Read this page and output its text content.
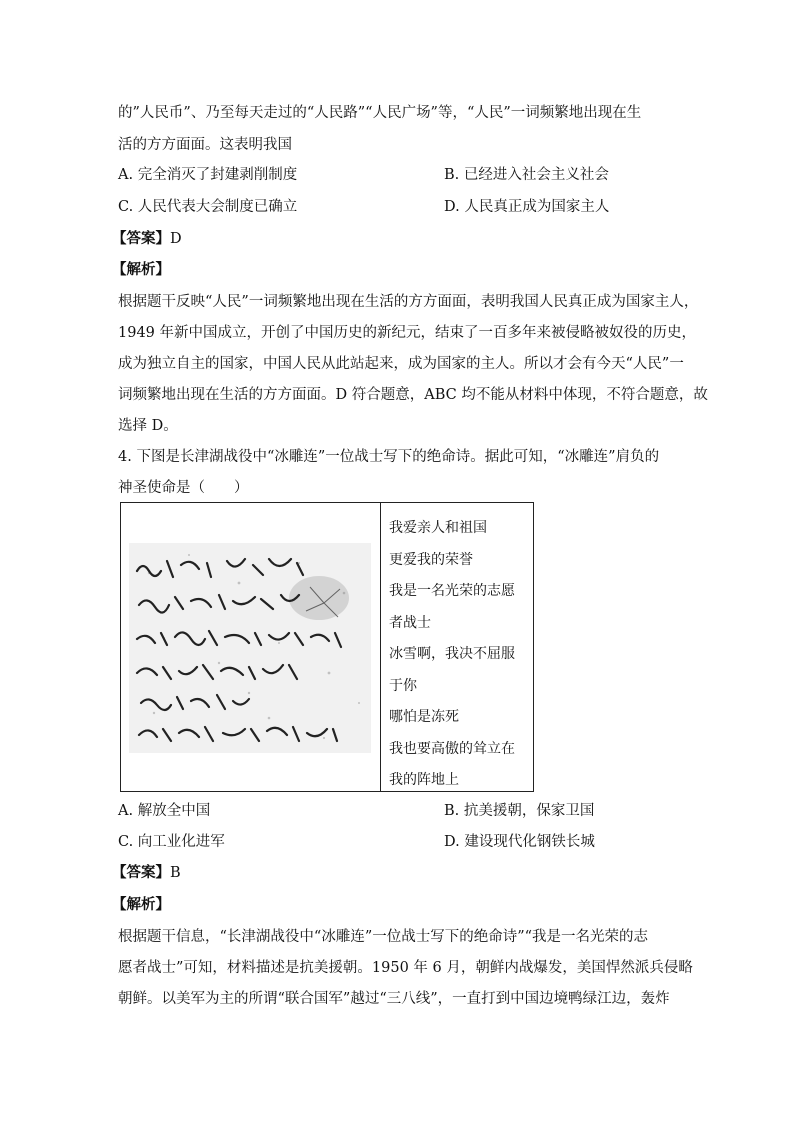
的”人民币”、乃至每天走过的“人民路”“人民广场”等，“人民”一词频繁地出现在生
活的方方面面。这表明我国
A. 完全消灭了封建剥削制度	B. 已经进入社会主义社会
C. 人民代表大会制度已确立	D. 人民真正成为国家主人
【答案】D
【解析】
根据题干反映“人民”一词频繁地出现在生活的方方面面，表明我国人民真正成为国家主人，
1949 年新中国成立，开创了中国历史的新纪元，结束了一百多年来被侵略被奴役的历史，
成为独立自主的国家，中国人民从此站起来，成为国家的主人。所以才会有今天“人民”一
词频繁地出现在生活的方方面面。D 符合题意，ABC 均不能从材料中体现，不符合题意，故
选择 D。
4. 下图是长津湖战役中“冰雕连”一位战士写下的绝命诗。据此可知，“冰雕连”肩负的
神圣使命是（　　）
我爱亲人和祖国
更爱我的荣誉
我是一名光荣的志愿
者战士
冰雪啊，我决不屈服
于你
哪怕是冻死
我也要高傲的耸立在
我的阵地上
A. 解放全中国	B. 抗美援朝，保家卫国
C. 向工业化进军	D. 建设现代化钢铁长城
【答案】B
【解析】
根据题干信息，“长津湖战役中“冰雕连”一位战士写下的绝命诗”“我是一名光荣的志
愿者战士”可知，材料描述是抗美援朝。1950 年 6 月，朝鲜内战爆发，美国悍然派兵侵略
朝鲜。以美军为主的所谓“联合国军”越过“三八线”，一直打到中国边境鸭绿江边，轰炸
